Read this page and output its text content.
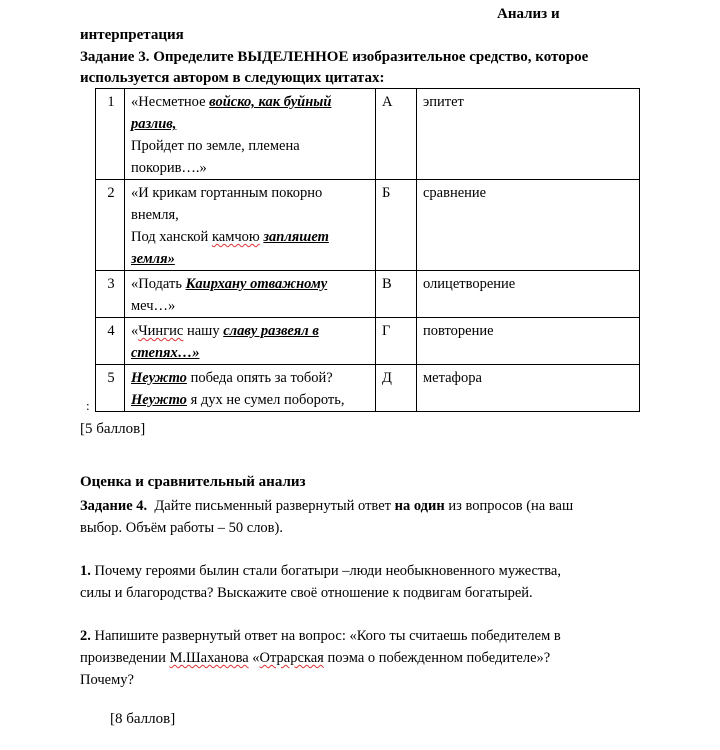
Анализ и
интерпретация
Задание 3. Определите ВЫДЕЛЕННОЕ изобразительное средство, которое
используется автором в следующих цитатах:
1	«Несметное войско, как буйный
разлив,
Пройдет по земле, племена
покорив….»	А	эпитет
2	«И крикам гортанным покорно
внемля,
Под ханской камчою запляшет
земля»	Б	сравнение
3	«Подать Каирхану отважному
меч…»	В	олицетворение
4	«Чингис нашу славу развеял в
степях…»	Г	повторение
5	Неужто победа опять за тобой?
Неужто я дух не сумел побороть,	Д	метафора
:
[5 баллов]
Оценка и сравнительный анализ
Задание 4.  Дайте письменный развернутый ответ на один из вопросов (на ваш
выбор. Объём работы – 50 слов).
1. Почему героями былин стали богатыри –люди необыкновенного мужества,
силы и благородства? Выскажите своё отношение к подвигам богатырей.
2. Напишите развернутый ответ на вопрос: «Кого ты считаешь победителем в
произведении М.Шаханова «Отрарская поэма о побежденном победителе»?
Почему?
[8 баллов]
